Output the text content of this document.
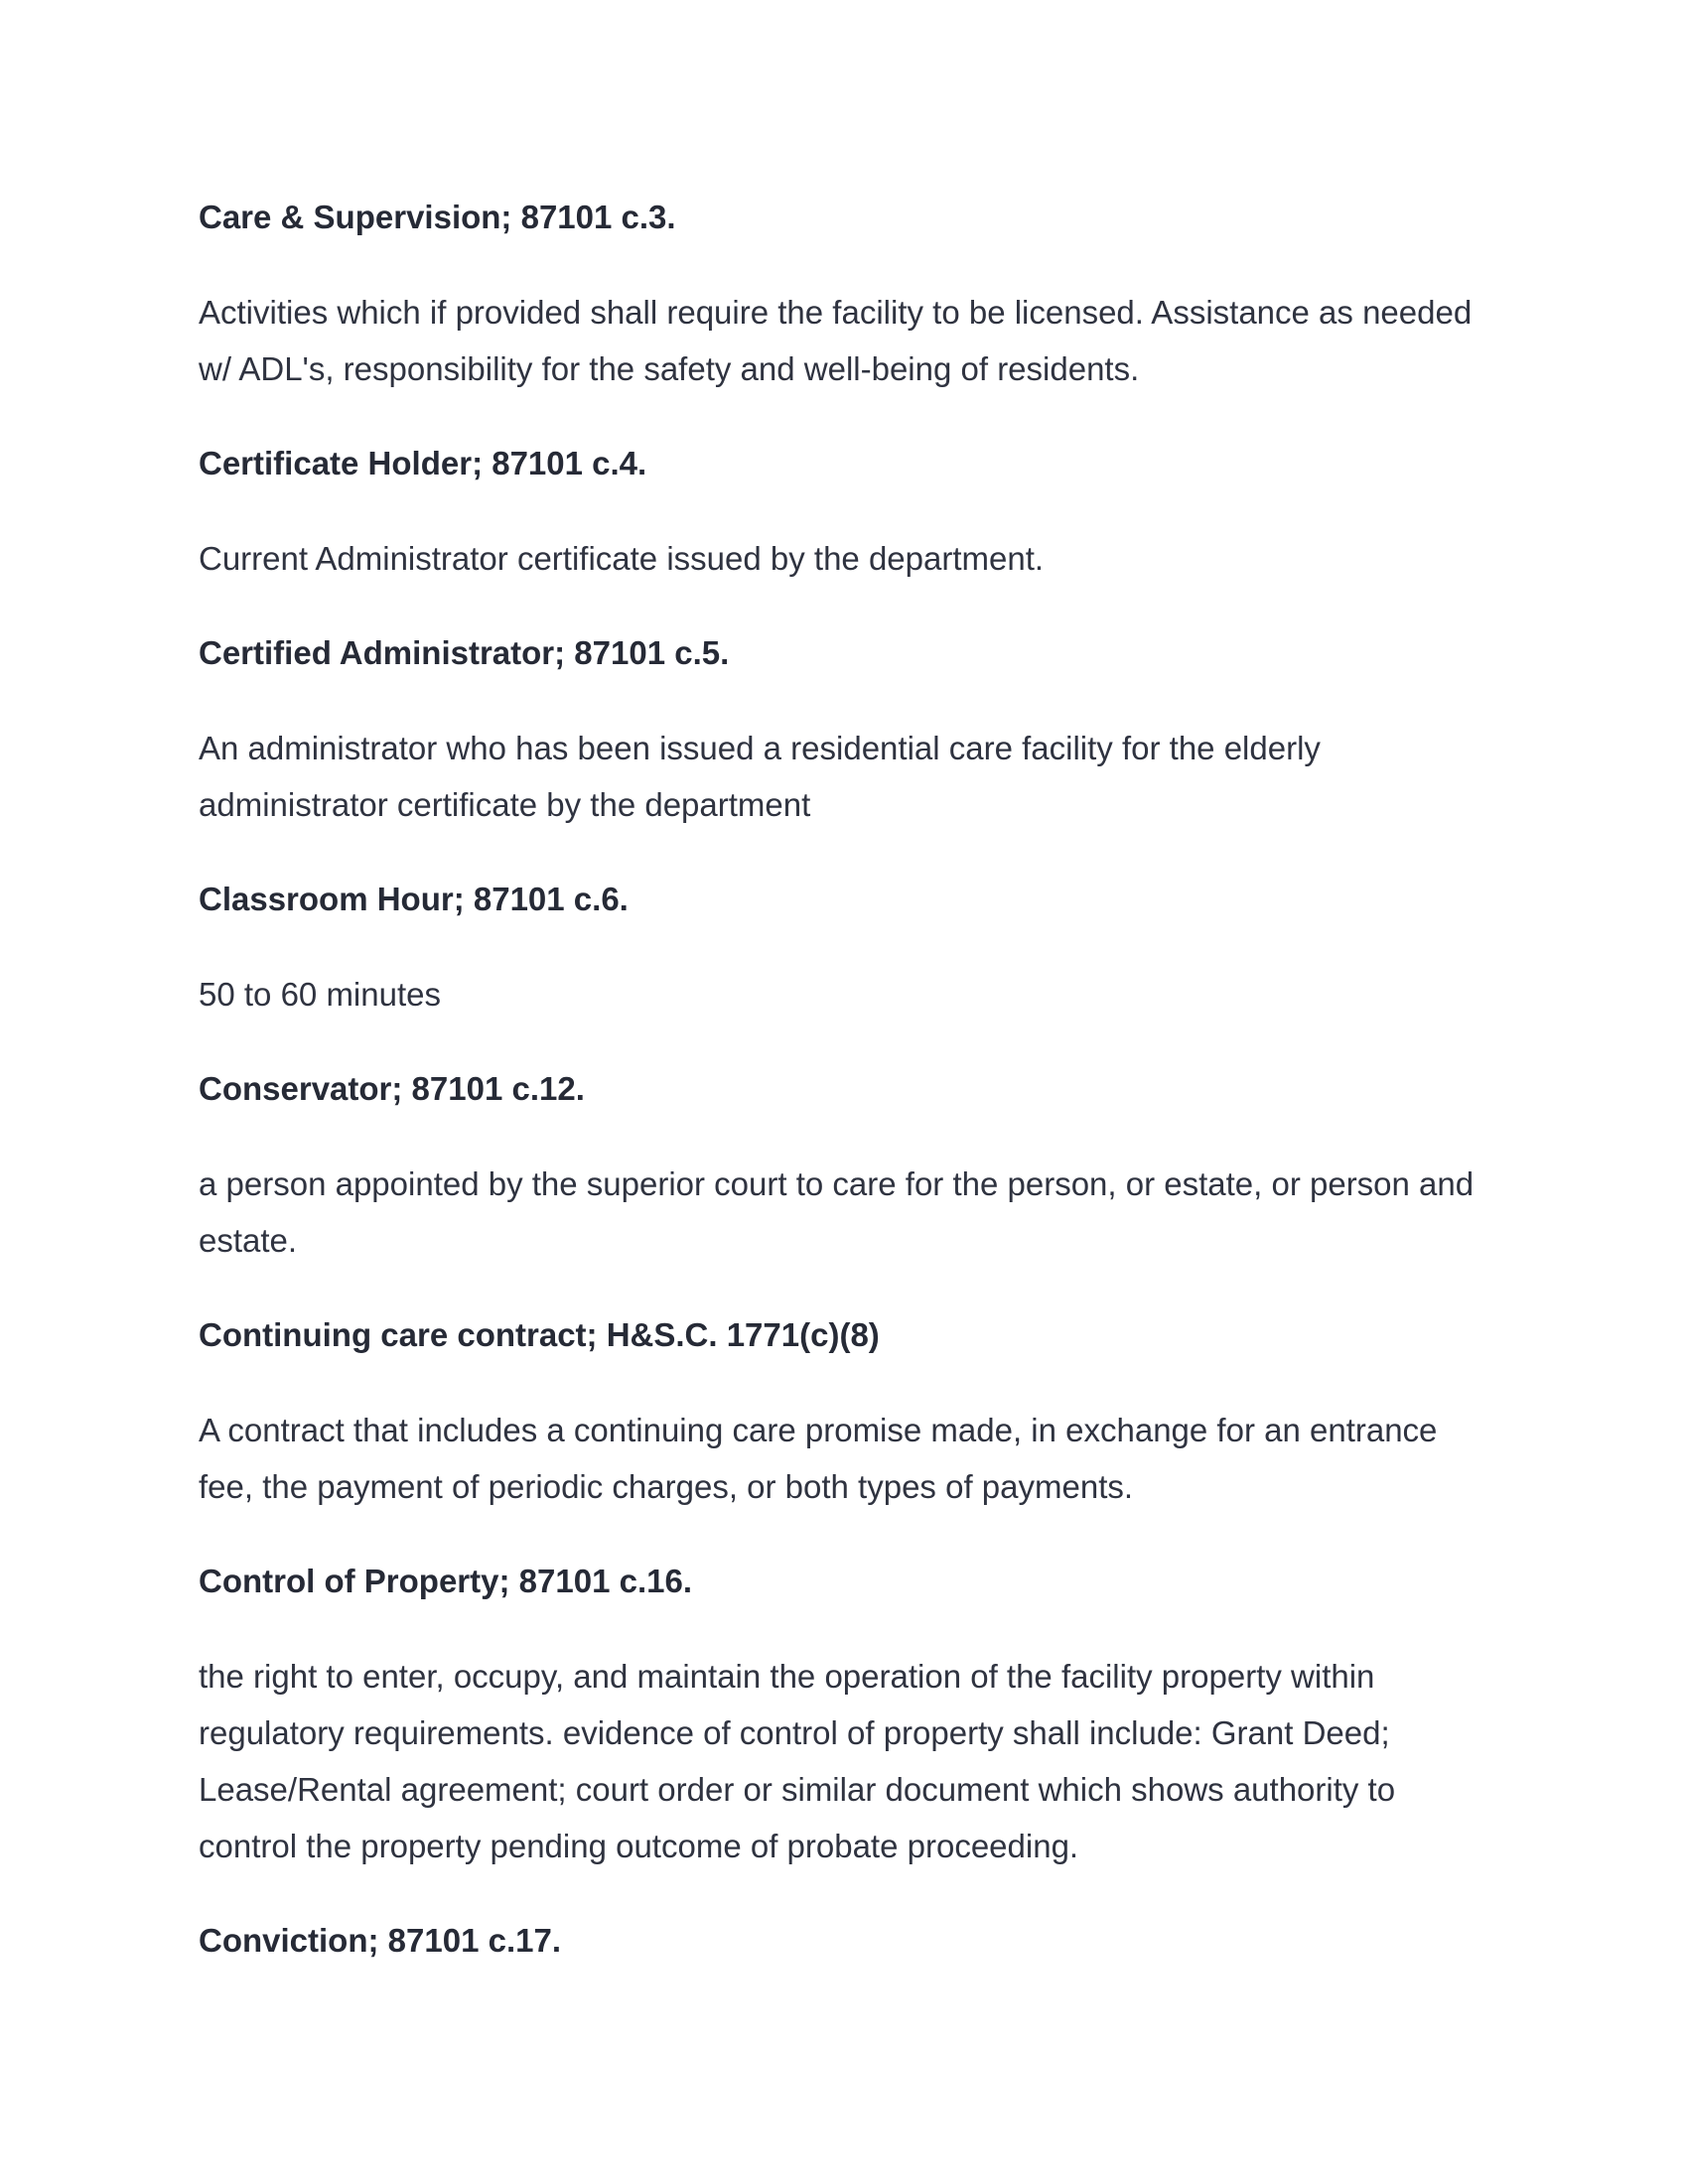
Care & Supervision; 87101 c.3.
Activities which if provided shall require the facility to be licensed. Assistance as needed w/ ADL's, responsibility for the safety and well-being of residents.
Certificate Holder; 87101 c.4.
Current Administrator certificate issued by the department.
Certified Administrator; 87101 c.5.
An administrator who has been issued a residential care facility for the elderly administrator certificate by the department
Classroom Hour; 87101 c.6.
50 to 60 minutes
Conservator; 87101 c.12.
a person appointed by the superior court to care for the person, or estate, or person and estate.
Continuing care contract; H&S.C. 1771(c)(8)
A contract that includes a continuing care promise made, in exchange for an entrance fee, the payment of periodic charges, or both types of payments.
Control of Property; 87101 c.16.
the right to enter, occupy, and maintain the operation of the facility property within regulatory requirements. evidence of control of property shall include: Grant Deed; Lease/Rental agreement; court order or similar document which shows authority to control the property pending outcome of probate proceeding.
Conviction; 87101 c.17.
